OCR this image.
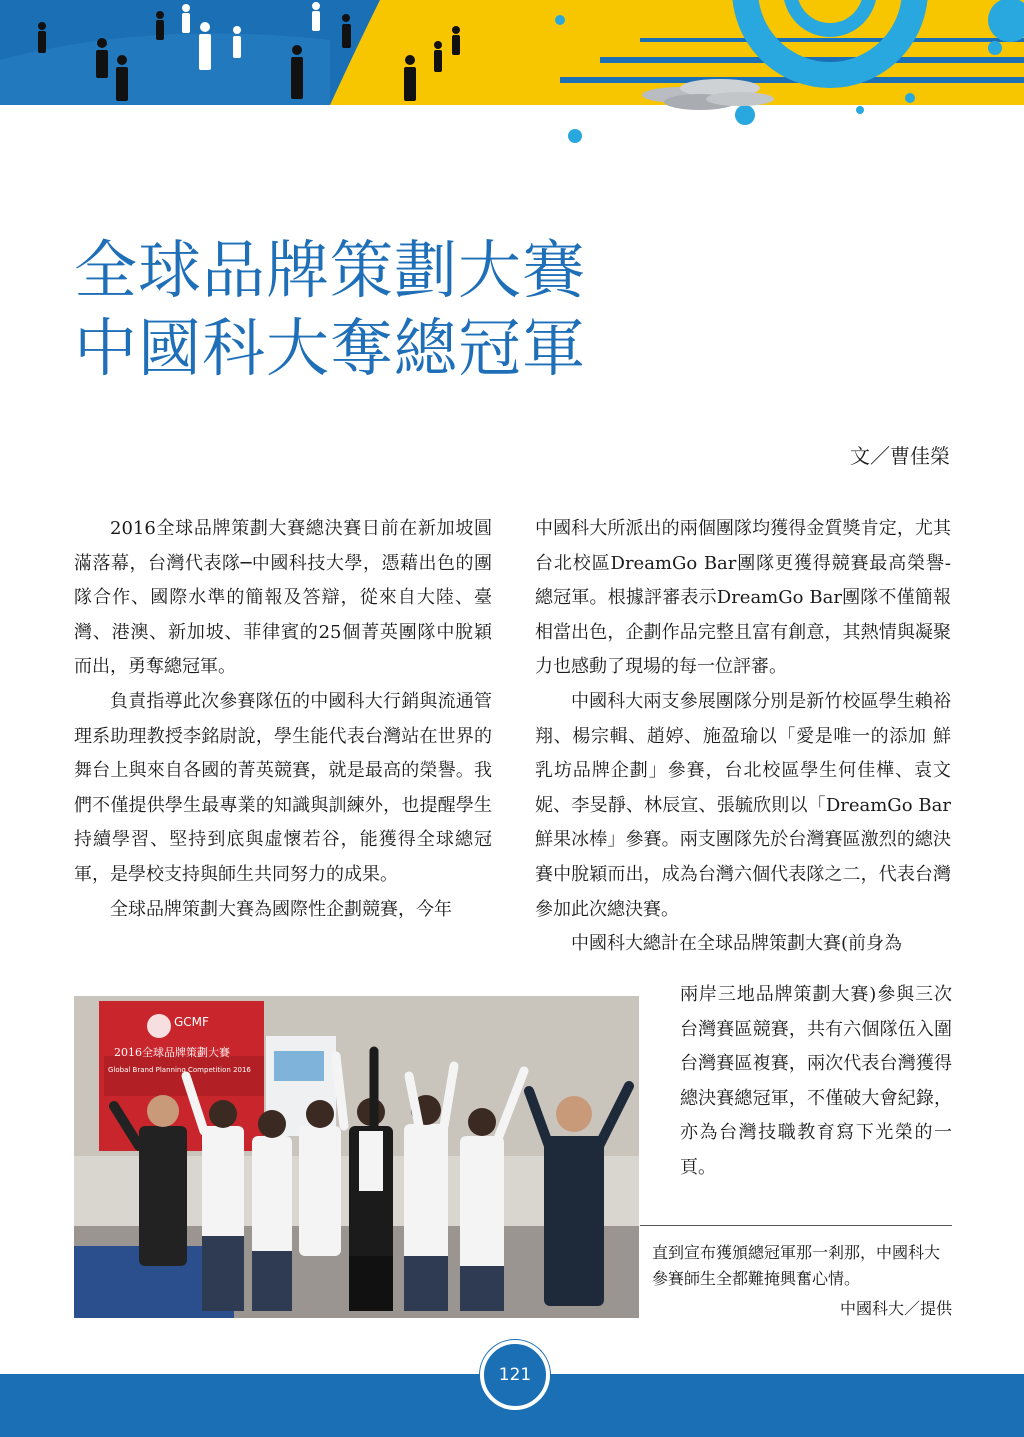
全球品牌策劃大賽
中國科大奪總冠軍
文／曹佳榮

2016全球品牌策劃大賽總決賽日前在新加坡圓滿落幕，台灣代表隊─中國科技大學，憑藉出色的團隊合作、國際水準的簡報及答辯，從來自大陸、臺灣、港澳、新加坡、菲律賓的25個菁英團隊中脫穎而出，勇奪總冠軍。

負責指導此次參賽隊伍的中國科大行銷與流通管理系助理教授李銘尉說，學生能代表台灣站在世界的舞台上與來自各國的菁英競賽，就是最高的榮譽。我們不僅提供學生最專業的知識與訓練外，也提醒學生持續學習、堅持到底與虛懷若谷，能獲得全球總冠軍，是學校支持與師生共同努力的成果。

全球品牌策劃大賽為國際性企劃競賽，今年

中國科大所派出的兩個團隊均獲得金質獎肯定，尤其台北校區DreamGo Bar團隊更獲得競賽最高榮譽-總冠軍。根據評審表示DreamGo Bar團隊不僅簡報相當出色，企劃作品完整且富有創意，其熱情與凝聚力也感動了現場的每一位評審。

中國科大兩支參展團隊分別是新竹校區學生賴裕翔、楊宗輯、趙婷、施盈瑜以「愛是唯一的添加 鮮乳坊品牌企劃」參賽，台北校區學生何佳樺、袁文妮、李旻靜、林辰宣、張毓欣則以「DreamGo Bar鮮果冰棒」參賽。兩支團隊先於台灣賽區激烈的總決賽中脫穎而出，成為台灣六個代表隊之二，代表台灣參加此次總決賽。

中國科大總計在全球品牌策劃大賽(前身為

兩岸三地品牌策劃大賽)參與三次台灣賽區競賽，共有六個隊伍入圍台灣賽區複賽，兩次代表台灣獲得總決賽總冠軍，不僅破大會紀錄，亦為台灣技職教育寫下光榮的一頁。

GCMF
2016全球品牌策劃大賽
Global Brand Planning Competition 2016
直到宣布獲頒總冠軍那一剎那，中國科大參賽師生全都難掩興奮心情。
中國科大／提供
121
